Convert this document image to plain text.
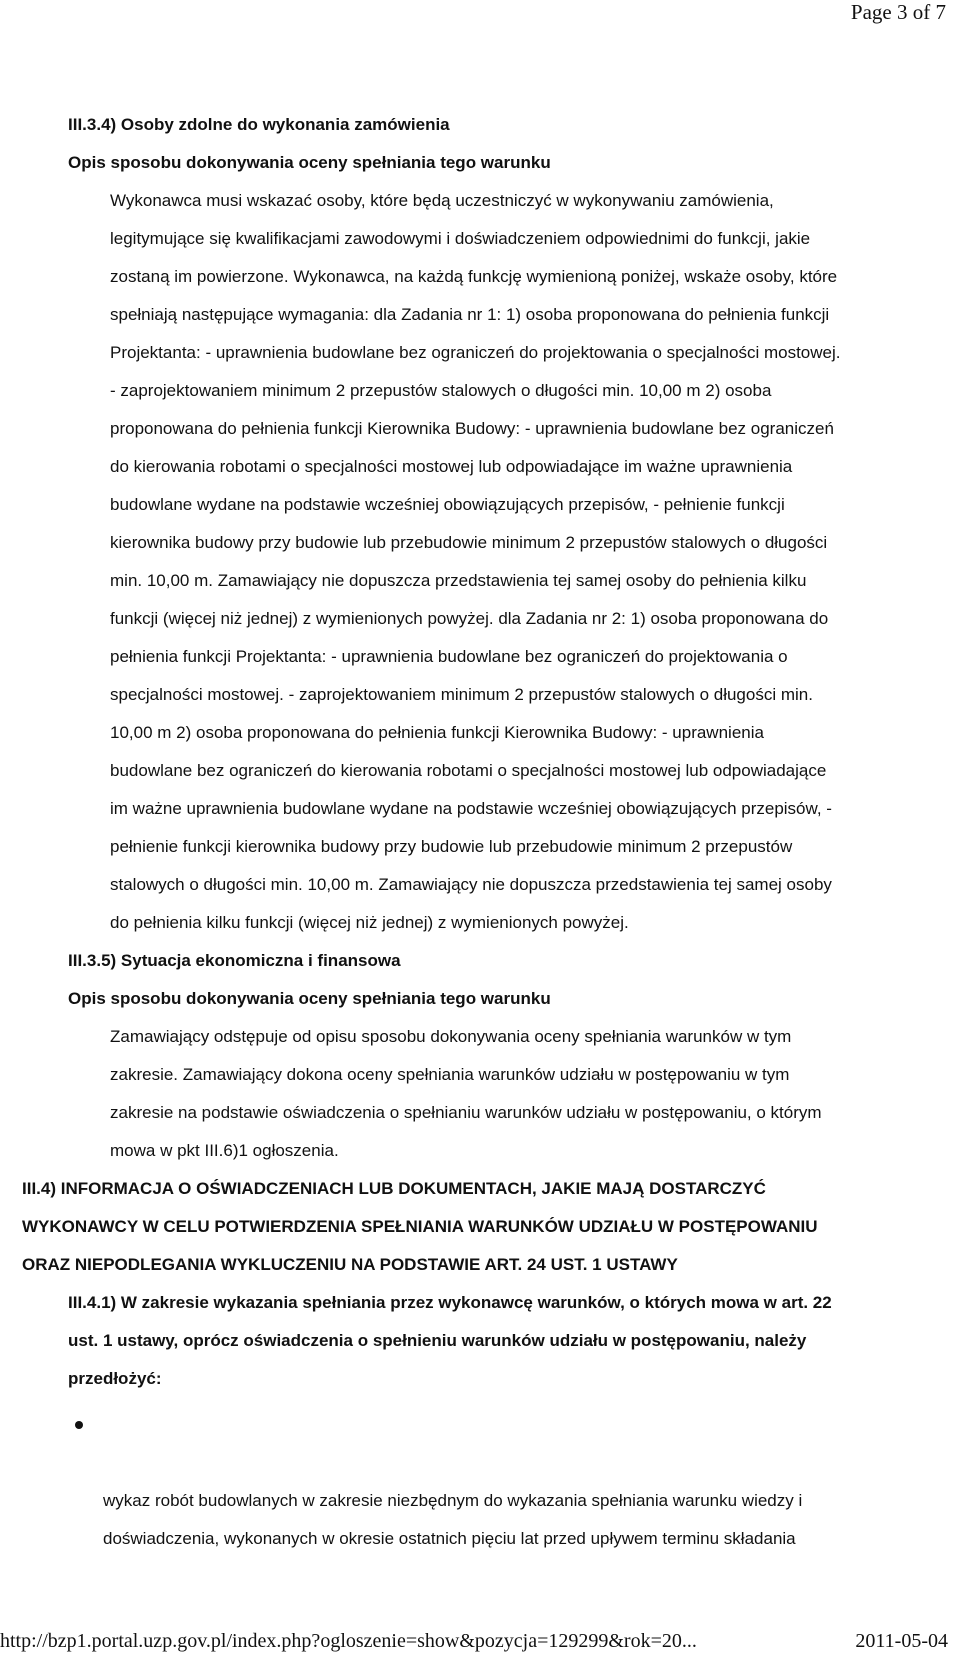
Page 3 of 7
III.3.4) Osoby zdolne do wykonania zamówienia
Opis sposobu dokonywania oceny spełniania tego warunku

Wykonawca musi wskazać osoby, które będą uczestniczyć w wykonywaniu zamówienia,
legitymujące się kwalifikacjami zawodowymi i doświadczeniem odpowiednimi do funkcji, jakie
zostaną im powierzone. Wykonawca, na każdą funkcję wymienioną poniżej, wskaże osoby, które
spełniają następujące wymagania: dla Zadania nr 1: 1) osoba proponowana do pełnienia funkcji
Projektanta: - uprawnienia budowlane bez ograniczeń do projektowania o specjalności mostowej.
- zaprojektowaniem minimum 2 przepustów stalowych o długości min. 10,00 m 2) osoba
proponowana do pełnienia funkcji Kierownika Budowy: - uprawnienia budowlane bez ograniczeń
do kierowania robotami o specjalności mostowej lub odpowiadające im ważne uprawnienia
budowlane wydane na podstawie wcześniej obowiązujących przepisów, - pełnienie funkcji
kierownika budowy przy budowie lub przebudowie minimum 2 przepustów stalowych o długości
min. 10,00 m. Zamawiający nie dopuszcza przedstawienia tej samej osoby do pełnienia kilku
funkcji (więcej niż jednej) z wymienionych powyżej. dla Zadania nr 2: 1) osoba proponowana do
pełnienia funkcji Projektanta: - uprawnienia budowlane bez ograniczeń do projektowania o
specjalności mostowej. - zaprojektowaniem minimum 2 przepustów stalowych o długości min.
10,00 m 2) osoba proponowana do pełnienia funkcji Kierownika Budowy: - uprawnienia
budowlane bez ograniczeń do kierowania robotami o specjalności mostowej lub odpowiadające
im ważne uprawnienia budowlane wydane na podstawie wcześniej obowiązujących przepisów, -
pełnienie funkcji kierownika budowy przy budowie lub przebudowie minimum 2 przepustów
stalowych o długości min. 10,00 m. Zamawiający nie dopuszcza przedstawienia tej samej osoby
do pełnienia kilku funkcji (więcej niż jednej) z wymienionych powyżej.

III.3.5) Sytuacja ekonomiczna i finansowa
Opis sposobu dokonywania oceny spełniania tego warunku

Zamawiający odstępuje od opisu sposobu dokonywania oceny spełniania warunków w tym
zakresie. Zamawiający dokona oceny spełniania warunków udziału w postępowaniu w tym
zakresie na podstawie oświadczenia o spełnianiu warunków udziału w postępowaniu, o którym
mowa w pkt III.6)1 ogłoszenia.

III.4) INFORMACJA O OŚWIADCZENIACH LUB DOKUMENTACH, JAKIE MAJĄ DOSTARCZYĆ
WYKONAWCY W CELU POTWIERDZENIA SPEŁNIANIA WARUNKÓW UDZIAŁU W POSTĘPOWANIU
ORAZ NIEPODLEGANIA WYKLUCZENIU NA PODSTAWIE ART. 24 UST. 1 USTAWY
III.4.1) W zakresie wykazania spełniania przez wykonawcę warunków, o których mowa w art. 22
ust. 1 ustawy, oprócz oświadczenia o spełnieniu warunków udziału w postępowaniu, należy
przedłożyć:

wykaz robót budowlanych w zakresie niezbędnym do wykazania spełniania warunku wiedzy i
doświadczenia, wykonanych w okresie ostatnich pięciu lat przed upływem terminu składania

http://bzp1.portal.uzp.gov.pl/index.php?ogloszenie=show&pozycja=129299&rok=20...	2011-05-04
